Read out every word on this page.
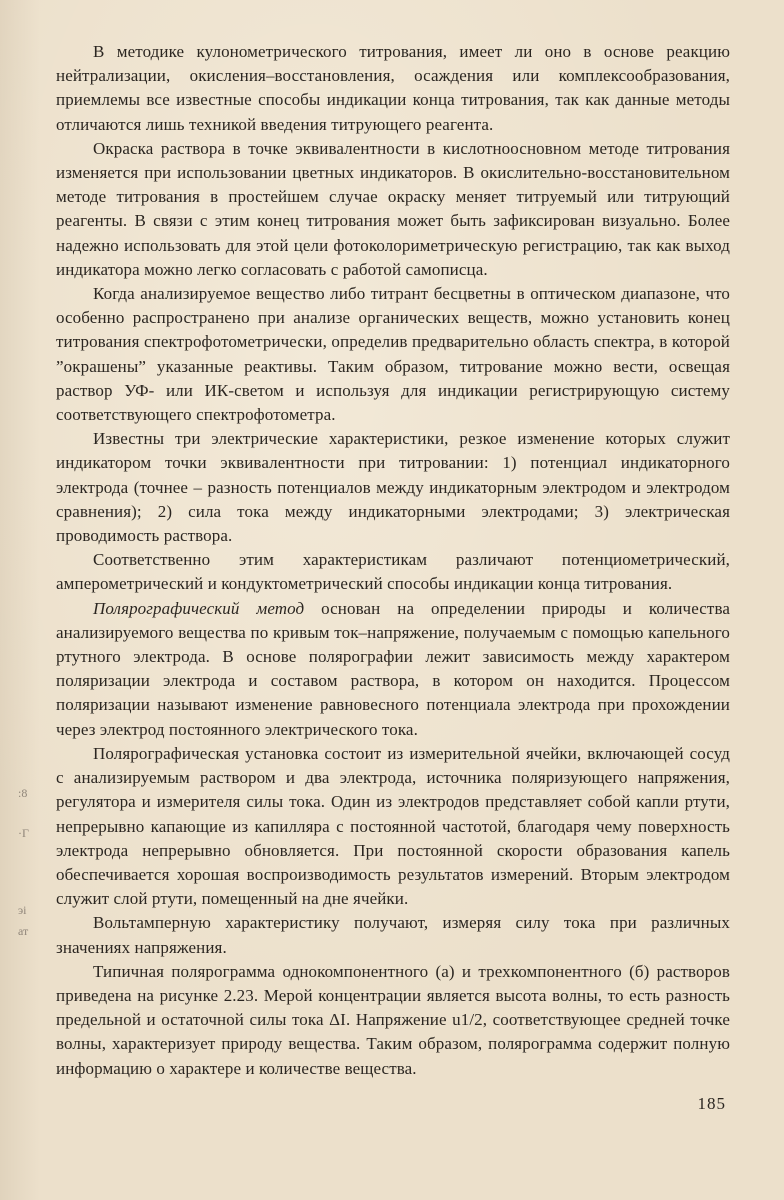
В методике кулонометрического титрования, имеет ли оно в основе реакцию нейтрализации, окисления–восстановления, осаждения или комплексообразования, приемлемы все известные способы индикации конца титрования, так как данные методы отличаются лишь техникой введения титрующего реагента.

Окраска раствора в точке эквивалентности в кислотноосновном методе титрования изменяется при использовании цветных индикаторов. В окислительно-восстановительном методе титрования в простейшем случае окраску меняет титруемый или титрующий реагенты. В связи с этим конец титрования может быть зафиксирован визуально. Более надежно использовать для этой цели фотоколориметрическую регистрацию, так как выход индикатора можно легко согласовать с работой самописца.

Когда анализируемое вещество либо титрант бесцветны в оптическом диапазоне, что особенно распространено при анализе органических веществ, можно установить конец титрования спектрофотометрически, определив предварительно область спектра, в которой ”окрашены” указанные реактивы. Таким образом, титрование можно вести, освещая раствор УФ- или ИК-светом и используя для индикации регистрирующую систему соответствующего спектрофотометра.

Известны три электрические характеристики, резкое изменение которых служит индикатором точки эквивалентности при титровании: 1) потенциал индикаторного электрода (точнее – разность потенциалов между индикаторным электродом и электродом сравнения); 2) сила тока между индикаторными электродами; 3) электрическая проводимость раствора.

Соответственно этим характеристикам различают потенциометрический, амперометрический и кондуктометрический способы индикации конца титрования.

Полярографический метод основан на определении природы и количества анализируемого вещества по кривым ток–напряжение, получаемым с помощью капельного ртутного электрода. В основе полярографии лежит зависимость между характером поляризации электрода и составом раствора, в котором он находится. Процессом поляризации называют изменение равновесного потенциала электрода при прохождении через электрод постоянного электрического тока.

Полярографическая установка состоит из измерительной ячейки, включающей сосуд с анализируемым раствором и два электрода, источника поляризующего напряжения, регулятора и измерителя силы тока. Один из электродов представляет собой капли ртути, непрерывно капающие из капилляра с постоянной частотой, благодаря чему поверхность электрода непрерывно обновляется. При постоянной скорости образования капель обеспечивается хорошая воспроизводимость результатов измерений. Вторым электродом служит слой ртути, помещенный на дне ячейки.

Вольтамперную характеристику получают, измеряя силу тока при различных значениях напряжения.

Типичная полярограмма однокомпонентного (а) и трехкомпонентного (б) растворов приведена на рисунке 2.23. Мерой концентрации является высота волны, то есть разность предельной и остаточной силы тока ΔI. Напряжение u1/2, соответствующее средней точке волны, характеризует природу вещества. Таким образом, полярограмма содержит полную информацию о характере и количестве вещества.

:8
·Г
эі
ат
185
